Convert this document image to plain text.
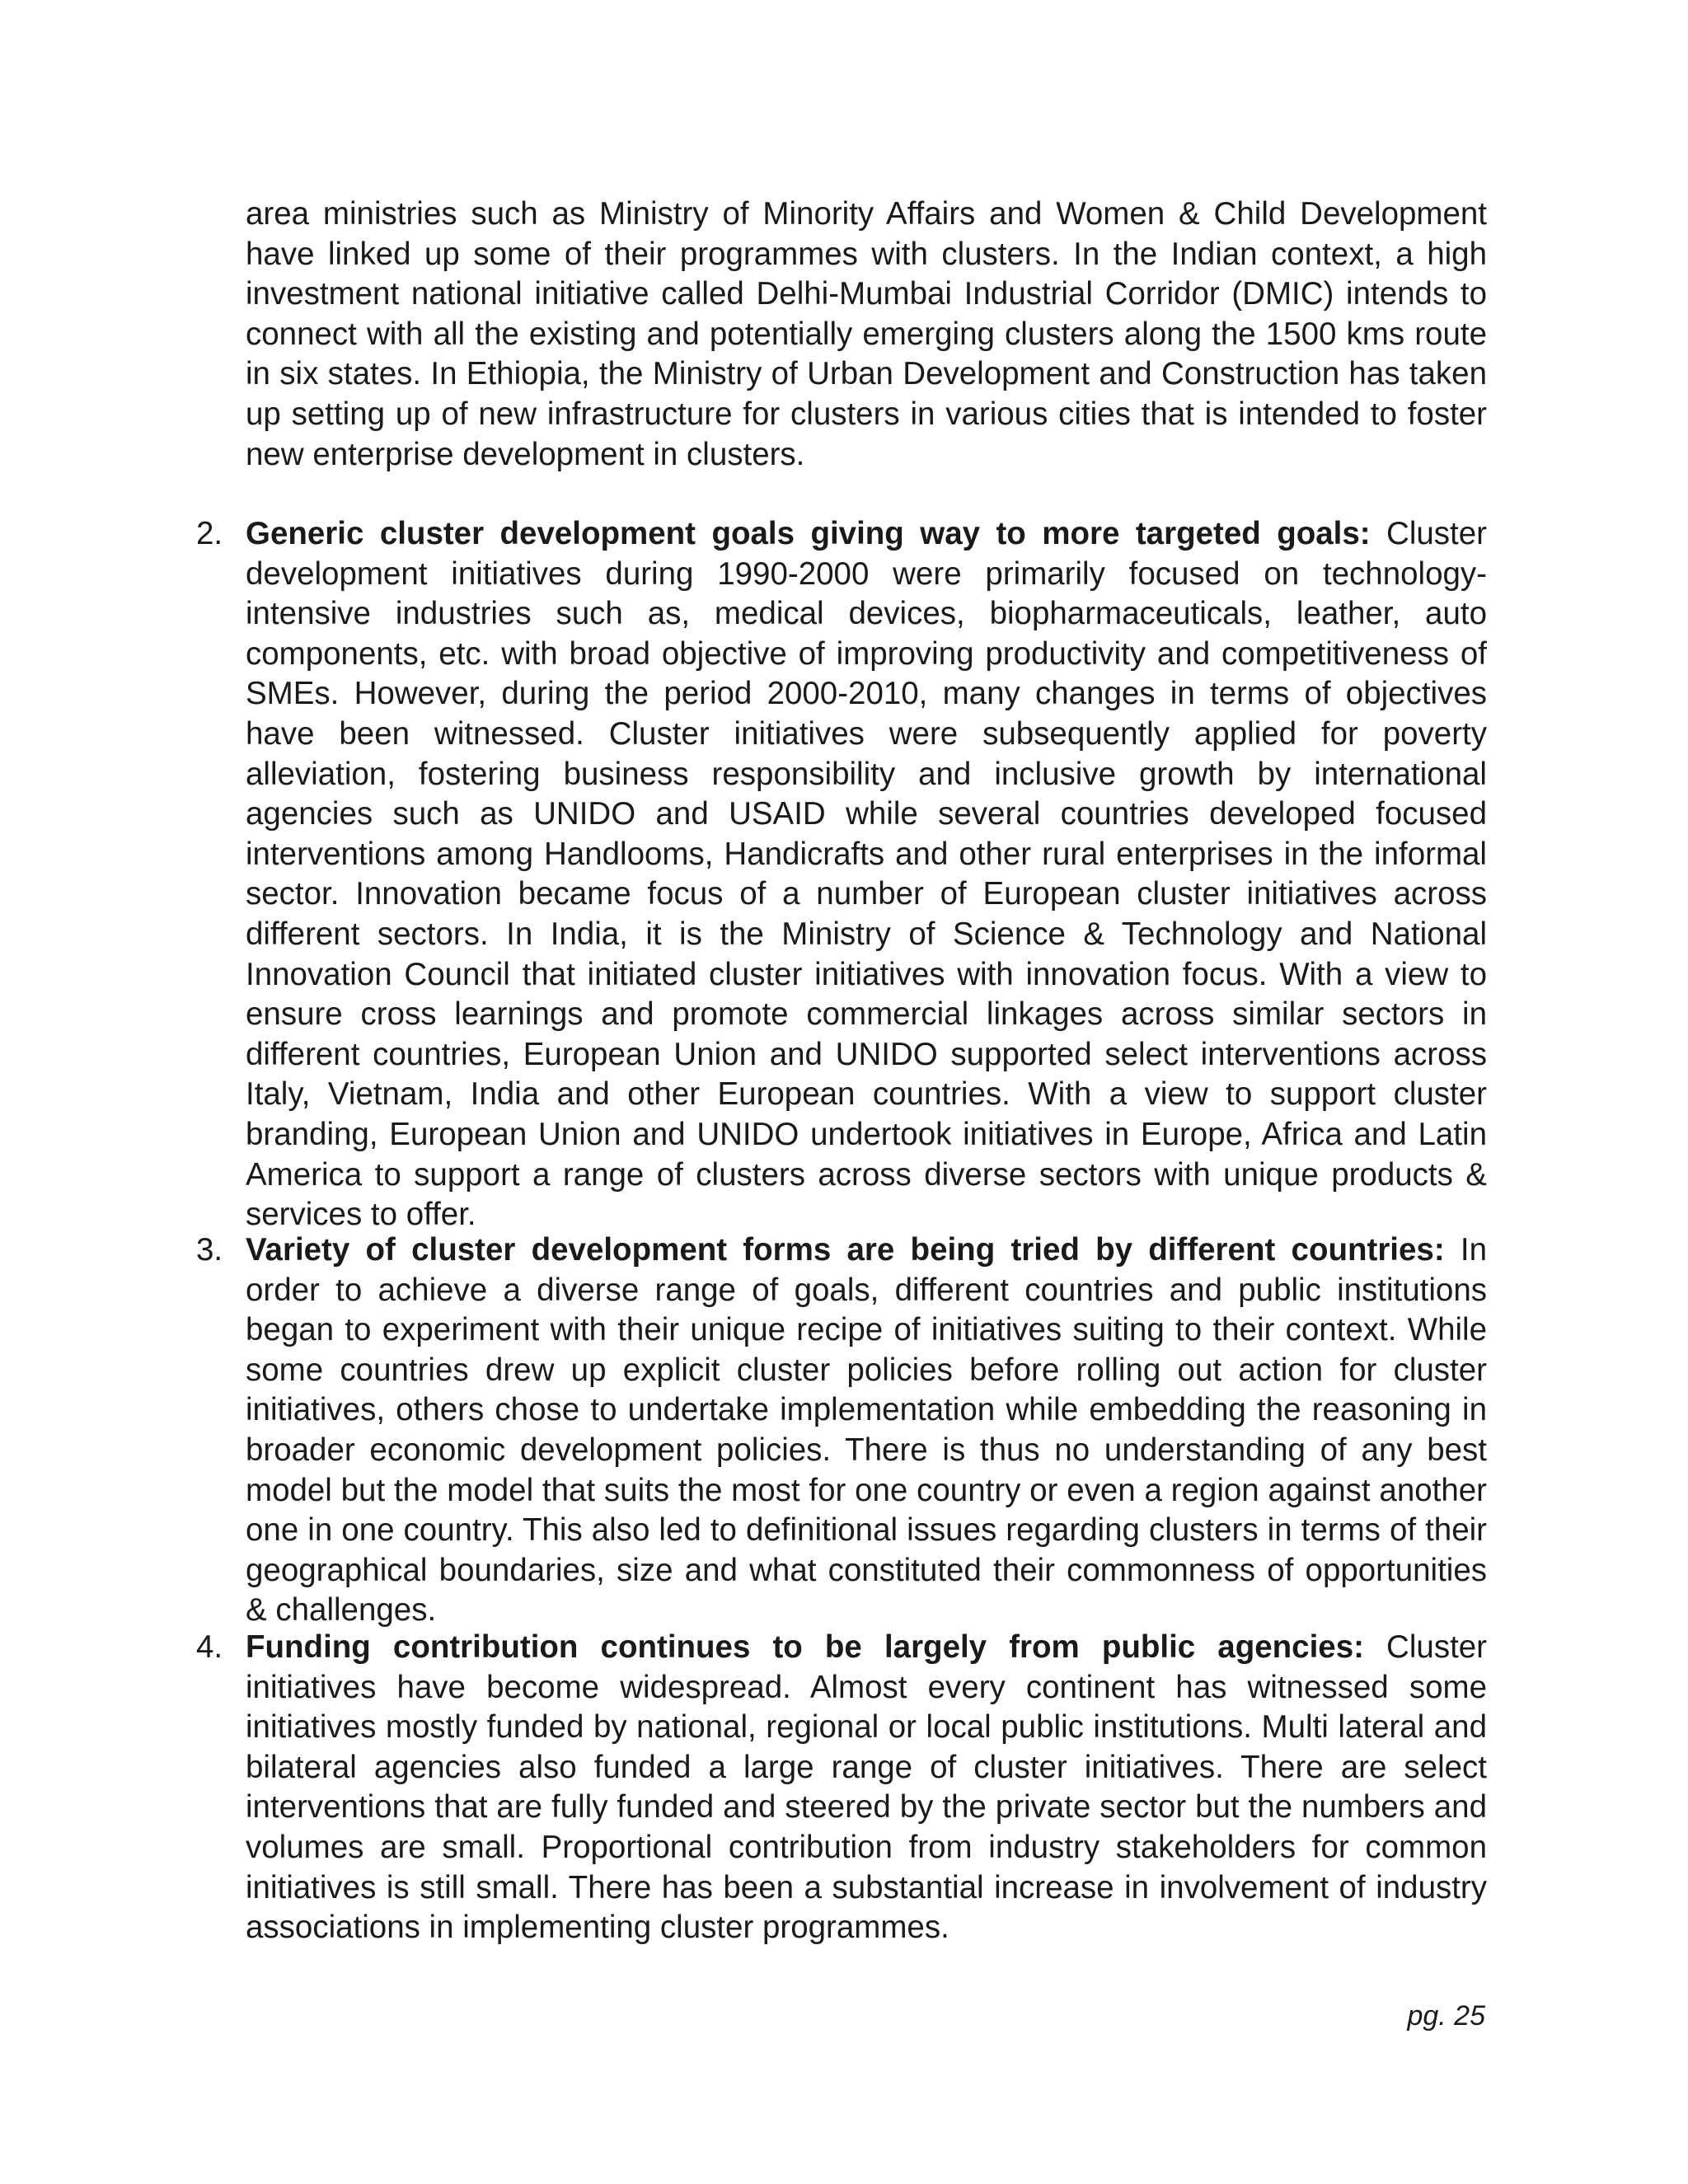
area ministries such as Ministry of Minority Affairs and Women & Child Development have linked up some of their programmes with clusters. In the Indian context, a high investment national initiative called Delhi-Mumbai Industrial Corridor (DMIC) intends to connect with all the existing and potentially emerging clusters along the 1500 kms route in six states. In Ethiopia, the Ministry of Urban Development and Construction has taken up setting up of new infrastructure for clusters in various cities that is intended to foster new enterprise development in clusters.

2. Generic cluster development goals giving way to more targeted goals: Cluster development initiatives during 1990-2000 were primarily focused on technology-intensive industries such as, medical devices, biopharmaceuticals, leather, auto components, etc. with broad objective of improving productivity and competitiveness of SMEs. However, during the period 2000-2010, many changes in terms of objectives have been witnessed. Cluster initiatives were subsequently applied for poverty alleviation, fostering business responsibility and inclusive growth by international agencies such as UNIDO and USAID while several countries developed focused interventions among Handlooms, Handicrafts and other rural enterprises in the informal sector. Innovation became focus of a number of European cluster initiatives across different sectors. In India, it is the Ministry of Science & Technology and National Innovation Council that initiated cluster initiatives with innovation focus. With a view to ensure cross learnings and promote commercial linkages across similar sectors in different countries, European Union and UNIDO supported select interventions across Italy, Vietnam, India and other European countries. With a view to support cluster branding, European Union and UNIDO undertook initiatives in Europe, Africa and Latin America to support a range of clusters across diverse sectors with unique products & services to offer.

3. Variety of cluster development forms are being tried by different countries: In order to achieve a diverse range of goals, different countries and public institutions began to experiment with their unique recipe of initiatives suiting to their context. While some countries drew up explicit cluster policies before rolling out action for cluster initiatives, others chose to undertake implementation while embedding the reasoning in broader economic development policies. There is thus no understanding of any best model but the model that suits the most for one country or even a region against another one in one country. This also led to definitional issues regarding clusters in terms of their geographical boundaries, size and what constituted their commonness of opportunities & challenges.

4. Funding contribution continues to be largely from public agencies: Cluster initiatives have become widespread. Almost every continent has witnessed some initiatives mostly funded by national, regional or local public institutions. Multi lateral and bilateral agencies also funded a large range of cluster initiatives. There are select interventions that are fully funded and steered by the private sector but the numbers and volumes are small. Proportional contribution from industry stakeholders for common initiatives is still small. There has been a substantial increase in involvement of industry associations in implementing cluster programmes.

pg. 25
